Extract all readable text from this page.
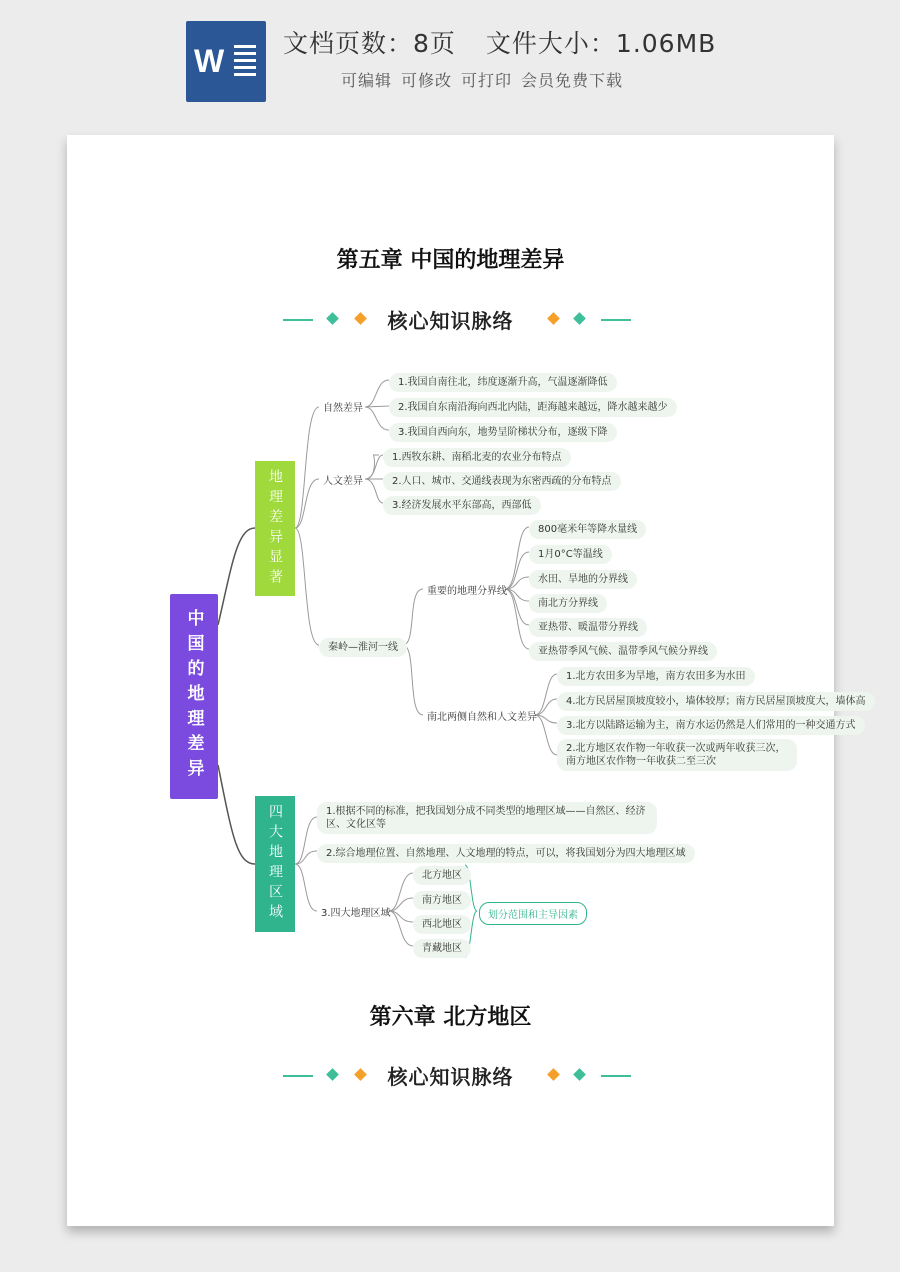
W 文档页数：8页 文件大小：1.06MB
可编辑 可修改 可打印 会员免费下载
第五章 中国的地理差异
核心知识脉络
中国的地理差异
地理差异显著
四大地理区域
自然差异
1.我国自南往北，纬度逐渐升高，气温逐渐降低
2.我国自东南沿海向西北内陆，距海越来越远，降水越来越少
3.我国自西向东，地势呈阶梯状分布，逐级下降
人文差异
1.西牧东耕、南稻北麦的农业分布特点
2.人口、城市、交通线表现为东密西疏的分布特点
3.经济发展水平东部高，西部低
秦岭—淮河一线
重要的地理分界线
800毫米年等降水量线
1月0°C等温线
水田、旱地的分界线
南北方分界线
亚热带、暖温带分界线
亚热带季风气候、温带季风气候分界线
南北两侧自然和人文差异
1.北方农田多为旱地，南方农田多为水田
4.北方民居屋顶坡度较小，墙体较厚；南方民居屋顶坡度大，墙体高
3.北方以陆路运输为主，南方水运仍然是人们常用的一种交通方式
2.北方地区农作物一年收获一次或两年收获三次，南方地区农作物一年收获二至三次
1.根据不同的标准，把我国划分成不同类型的地理区域——自然区、经济区、文化区等
2.综合地理位置、自然地理、人文地理的特点，可以，将我国划分为四大地理区域
3.四大地理区域
北方地区
南方地区
西北地区
青藏地区
划分范围和主导因素
第六章 北方地区
核心知识脉络
